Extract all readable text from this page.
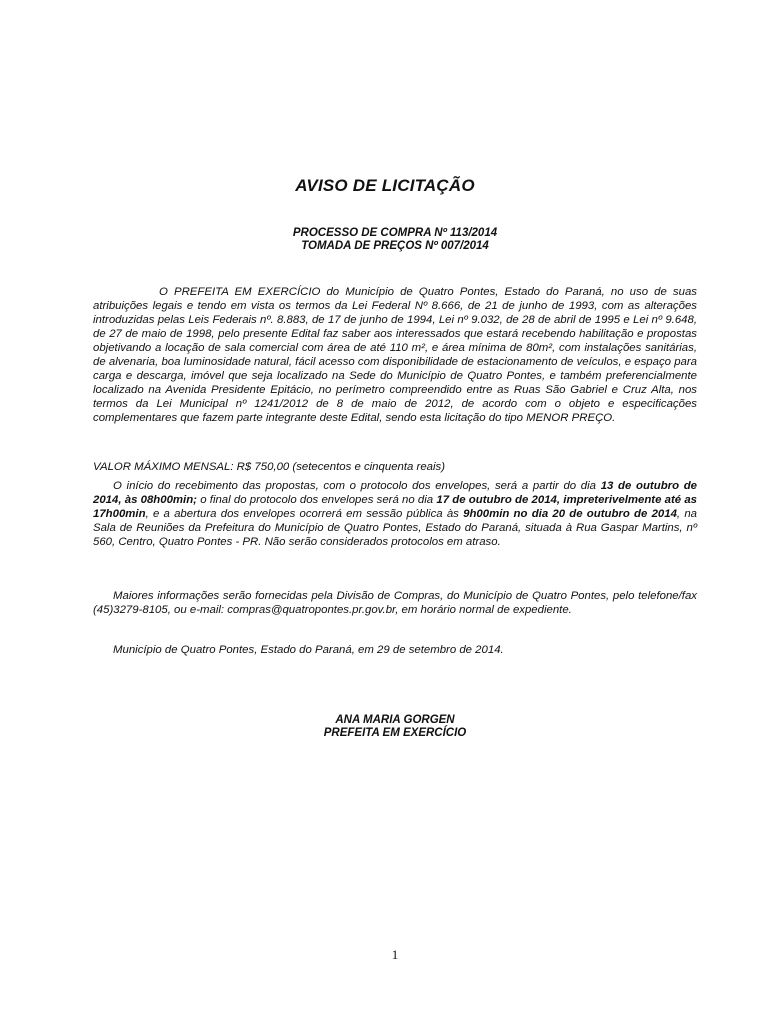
AVISO DE LICITAÇÃO
PROCESSO DE COMPRA Nº 113/2014
TOMADA DE PREÇOS Nº 007/2014
O PREFEITA EM EXERCÍCIO do Município de Quatro Pontes, Estado do Paraná, no uso de suas atribuições legais e tendo em vista os termos da Lei Federal Nº 8.666, de 21 de junho de 1993, com as alterações introduzidas pelas Leis Federais nº. 8.883, de 17 de junho de 1994, Lei nº 9.032, de 28 de abril de 1995 e Lei nº 9.648, de 27 de maio de 1998, pelo presente Edital faz saber aos interessados que estará recebendo habilitação e propostas objetivando a locação de sala comercial com área de até 110 m², e área mínima de 80m², com instalações sanitárias, de alvenaria, boa luminosidade natural, fácil acesso com disponibilidade de estacionamento de veículos, e espaço para carga e descarga, imóvel que seja localizado na Sede do Município de Quatro Pontes, e também preferencialmente localizado na Avenida Presidente Epitácio, no perímetro compreendido entre as Ruas São Gabriel e Cruz Alta, nos termos da Lei Municipal nº 1241/2012 de 8 de maio de 2012, de acordo com o objeto e especificações complementares que fazem parte integrante deste Edital, sendo esta licitação do tipo MENOR PREÇO.
VALOR MÁXIMO MENSAL: R$ 750,00 (setecentos e cinquenta reais)
O início do recebimento das propostas, com o protocolo dos envelopes, será a partir do dia 13 de outubro de 2014, às 08h00min; o final do protocolo dos envelopes será no dia 17 de outubro de 2014, impreterivelmente até as 17h00min, e a abertura dos envelopes ocorrerá em sessão pública às 9h00min no dia 20 de outubro de 2014, na Sala de Reuniões da Prefeitura do Município de Quatro Pontes, Estado do Paraná, situada à Rua Gaspar Martins, nº 560, Centro, Quatro Pontes - PR. Não serão considerados protocolos em atraso.
Maiores informações serão fornecidas pela Divisão de Compras, do Município de Quatro Pontes, pelo telefone/fax (45)3279-8105, ou e-mail: compras@quatropontes.pr.gov.br, em horário normal de expediente.
Município de Quatro Pontes, Estado do Paraná, em 29 de setembro de 2014.
ANA MARIA GORGEN
PREFEITA EM EXERCÍCIO
1
